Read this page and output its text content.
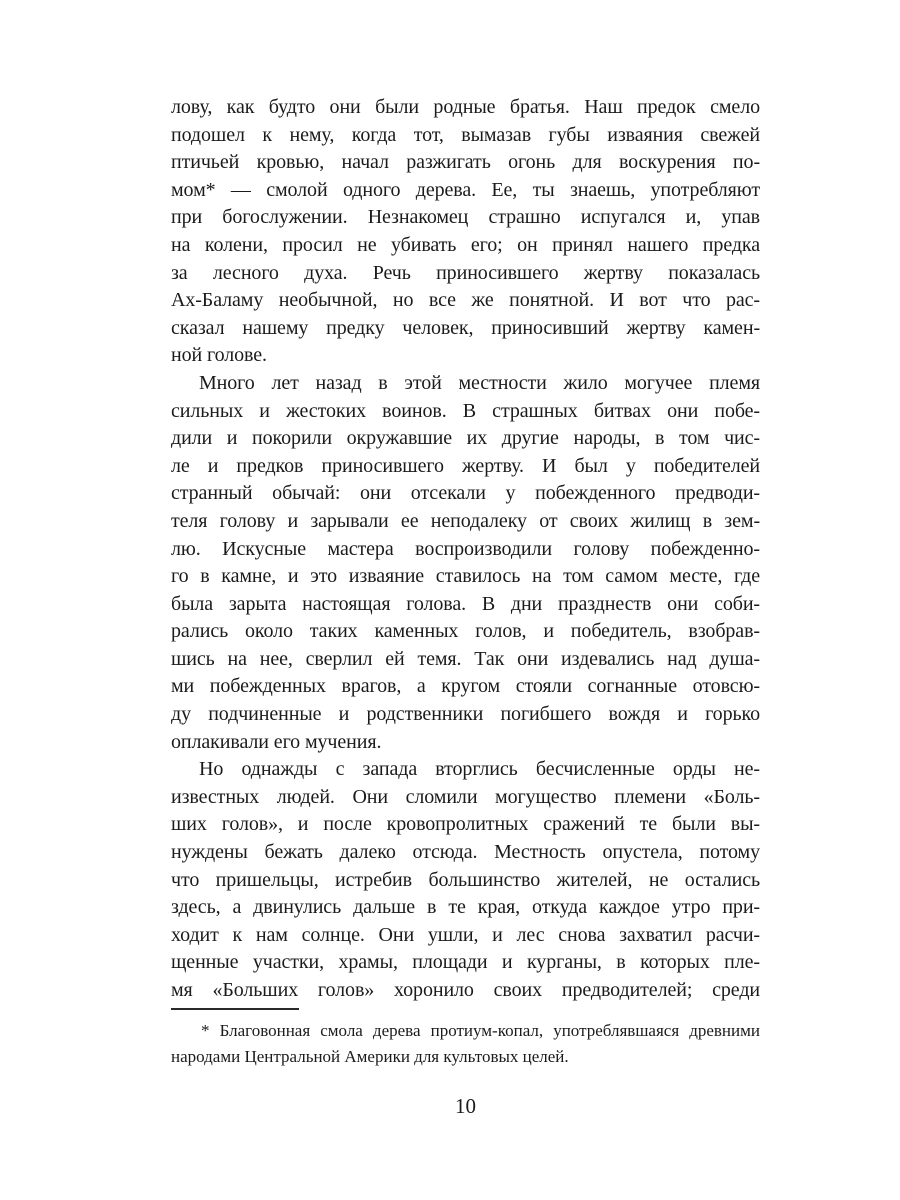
лову, как будто они были родные братья. Наш предок смело
подошел к нему, когда тот, вымазав губы изваяния свежей
птичьей кровью, начал разжигать огонь для воскурения по-
мом* — смолой одного дерева. Ее, ты знаешь, употребляют
при богослужении. Незнакомец страшно испугался и, упав
на колени, просил не убивать его; он принял нашего предка
за лесного духа. Речь приносившего жертву показалась
Ах-Баламу необычной, но все же понятной. И вот что рас-
сказал нашему предку человек, приносивший жертву камен-
ной голове.
Много лет назад в этой местности жило могучее племя
сильных и жестоких воинов. В страшных битвах они побе-
дили и покорили окружавшие их другие народы, в том чис-
ле и предков приносившего жертву. И был у победителей
странный обычай: они отсекали у побежденного предводи-
теля голову и зарывали ее неподалеку от своих жилищ в зем-
лю. Искусные мастера воспроизводили голову побежденно-
го в камне, и это изваяние ставилось на том самом месте, где
была зарыта настоящая голова. В дни празднеств они соби-
рались около таких каменных голов, и победитель, взобрав-
шись на нее, сверлил ей темя. Так они издевались над душа-
ми побежденных врагов, а кругом стояли согнанные отовсю-
ду подчиненные и родственники погибшего вождя и горько
оплакивали его мучения.
Но однажды с запада вторглись бесчисленные орды не-
известных людей. Они сломили могущество племени «Боль-
ших голов», и после кровопролитных сражений те были вы-
нуждены бежать далеко отсюда. Местность опустела, потому
что пришельцы, истребив большинство жителей, не остались
здесь, а двинулись дальше в те края, откуда каждое утро при-
ходит к нам солнце. Они ушли, и лес снова захватил расчи-
щенные участки, храмы, площади и курганы, в которых пле-
мя «Больших голов» хоронило своих предводителей; среди
* Благовонная смола дерева протиум-копал, употреблявшаяся древними
народами Центральной Америки для культовых целей.
10
